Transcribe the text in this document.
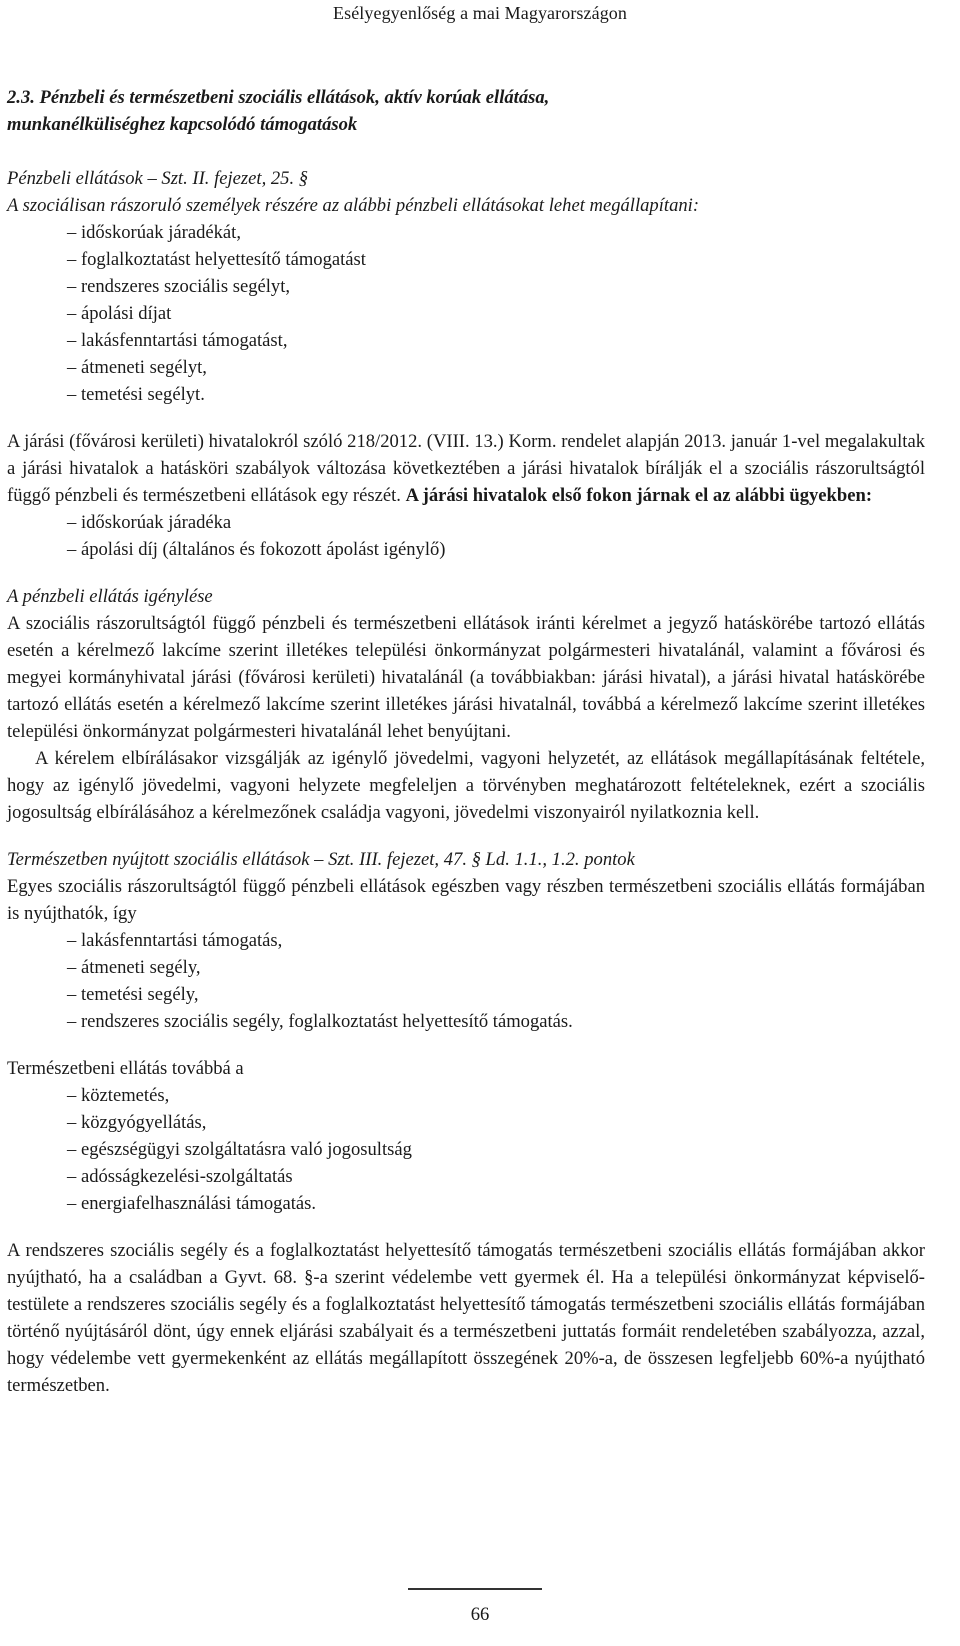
Esélyegyenlőség a mai Magyarországon

2.3. Pénzbeli és természetbeni szociális ellátások, aktív korúak ellátása,

munkanélküliséghez kapcsolódó támogatások

Pénzbeli ellátások – Szt. II. fejezet, 25. §

A szociálisan rászoruló személyek részére az alábbi pénzbeli ellátásokat lehet megállapítani:

– időskorúak járadékát,
– foglalkoztatást helyettesítő támogatást
– rendszeres szociális segélyt,
– ápolási díjat
– lakásfenntartási támogatást,
– átmeneti segélyt,
– temetési segélyt.

A járási (fővárosi kerületi) hivatalokról szóló 218/2012. (VIII. 13.) Korm. rendelet alapján 2013. január 1-vel megalakultak a járási hivatalok a hatásköri szabályok változása következtében a járási hivatalok bírálják el a szociális rászorultságtól függő pénzbeli és természetbeni ellátások egy részét. A járási hivatalok első fokon járnak el az alábbi ügyekben:

– időskorúak járadéka
– ápolási díj (általános és fokozott ápolást igénylő)

A pénzbeli ellátás igénylése

A szociális rászorultságtól függő pénzbeli és természetbeni ellátások iránti kérelmet a jegyző hatáskörébe tartozó ellátás esetén a kérelmező lakcíme szerint illetékes települési önkormányzat polgármesteri hivatalánál, valamint a fővárosi és megyei kormányhivatal járási (fővárosi kerületi) hivatalánál (a továbbiakban: járási hivatal), a járási hivatal hatáskörébe tartozó ellátás esetén a kérelmező lakcíme szerint illetékes járási hivatalnál, továbbá a kérelmező lakcíme szerint illetékes települési önkormányzat polgármesteri hivatalánál lehet benyújtani.

A kérelem elbírálásakor vizsgálják az igénylő jövedelmi, vagyoni helyzetét, az ellátások megállapításának feltétele, hogy az igénylő jövedelmi, vagyoni helyzete megfeleljen a törvényben meghatározott feltételeknek, ezért a szociális jogosultság elbírálásához a kérelmezőnek családja vagyoni, jövedelmi viszonyairól nyilatkoznia kell.

Természetben nyújtott szociális ellátások – Szt. III. fejezet, 47. § Ld. 1.1., 1.2. pontok

Egyes szociális rászorultságtól függő pénzbeli ellátások egészben vagy részben természetbeni szociális ellátás formájában is nyújthatók, így

– lakásfenntartási támogatás,
– átmeneti segély,
– temetési segély,
– rendszeres szociális segély, foglalkoztatást helyettesítő támogatás.

Természetbeni ellátás továbbá a

– köztemetés,
– közgyógyellátás,
– egészségügyi szolgáltatásra való jogosultság
– adósságkezelési-szolgáltatás
– energiafelhasználási támogatás.

A rendszeres szociális segély és a foglalkoztatást helyettesítő támogatás természetbeni szociális ellátás formájában akkor nyújtható, ha a családban a Gyvt. 68. §-a szerint védelembe vett gyermek él. Ha a települési önkormányzat képviselő-testülete a rendszeres szociális segély és a foglalkoztatást helyettesítő támogatás természetbeni szociális ellátás formájában történő nyújtásáról dönt, úgy ennek eljárási szabályait és a természetbeni juttatás formáit rendeletében szabályozza, azzal, hogy védelembe vett gyermekenként az ellátás megállapított összegének 20%-a, de összesen legfeljebb 60%-a nyújtható természetben.

66
